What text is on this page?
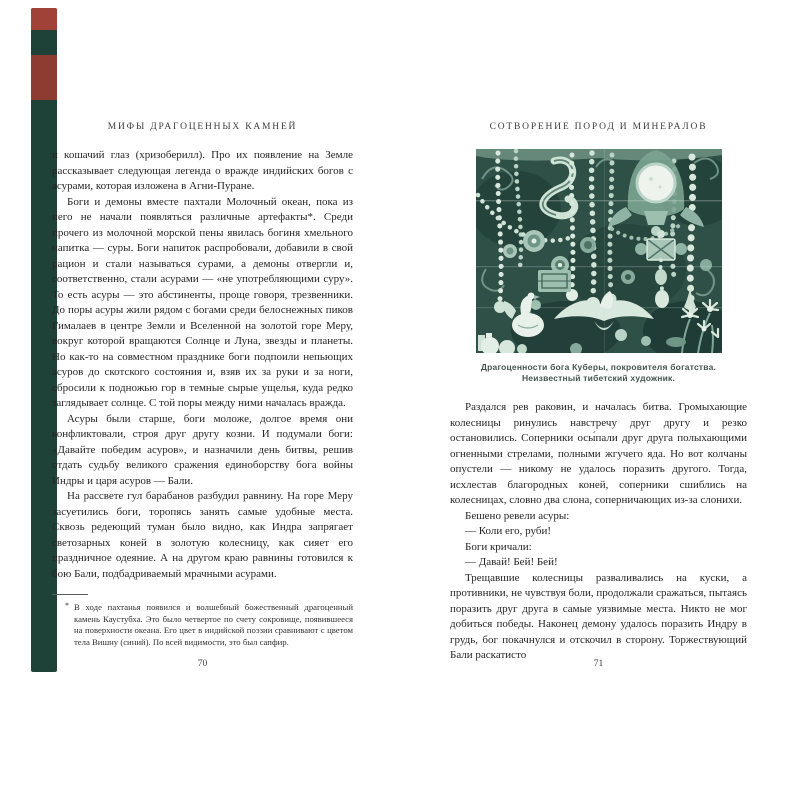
МИФЫ ДРАГОЦЕННЫХ КАМНЕЙ

и кошачий глаз (хризоберилл). Про их появление на Земле рассказывает следующая легенда о вражде индийских богов с асурами, которая изложена в Агни-Пуране.

Боги и демоны вместе пахтали Молочный океан, пока из него не начали появляться различные артефакты*. Среди прочего из молочной морской пены явилась богиня хмельного напитка — суры. Боги напиток распробовали, добавили в свой рацион и стали называться сурами, а демоны отвергли и, соответственно, стали асурами — «не употребляющими суру». То есть асуры — это абстиненты, проще говоря, трезвенники. До поры асуры жили рядом с богами среди белоснежных пиков Гималаев в центре Земли и Вселенной на золотой горе Меру, вокруг которой вращаются Солнце и Луна, звезды и планеты. Но как-то на совместном празднике боги подпоили непьющих асуров до скотского состояния и, взяв их за руки и за ноги, сбросили к подножью гор в темные сырые ущелья, куда редко заглядывает солнце. С той поры между ними началась вражда.

Асуры были старше, боги моложе, долгое время они конфликтовали, строя друг другу козни. И подумали боги: «Давайте победим асуров», и назначили день битвы, решив отдать судьбу великого сражения единоборству бога войны Индры и царя асуров — Бали.

На рассвете гул барабанов разбудил равнину. На горе Меру засуетились боги, торопясь занять самые удобные места. Сквозь редеющий туман было видно, как Индра запрягает светозарных коней в золотую колесницу, как сияет его праздничное одеяние. А на другом краю равнины готовился к бою Бали, подбадриваемый мрачными асурами.

* В ходе пахтанья появился и волшебный божественный драгоценный камень Каустубха. Это было четвертое по счету сокровище, появившееся на поверхности океана. Его цвет в индийской поэзии сравнивают с цветом тела Вишну (синий). По всей видимости, это был сапфир.
70
СОТВОРЕНИЕ ПОРОД И МИНЕРАЛОВ
Драгоценности бога Куберы, покровителя богатства.
Неизвестный тибетский художник.

Раздался рев раковин, и началась битва. Громыхающие колесницы ринулись навстречу друг другу и резко остановились. Соперники осы́пали друг друга полыхающими огненными стрелами, полными жгучего яда. Но вот колчаны опустели — никому не удалось поразить другого. Тогда, исхлестав благородных коней, соперники сшиблись на колесницах, словно два слона, соперничающих из-за слонихи.

Бешено ревели асуры:

— Коли его, руби!

Боги кричали:

— Давай! Бей! Бей!

Трещавшие колесницы разваливались на куски, а противники, не чувствуя боли, продолжали сражаться, пытаясь поразить друг друга в самые уязвимые места. Никто не мог добиться победы. Наконец демону удалось поразить Индру в грудь, бог покачнулся и отскочил в сторону. Торжествующий Бали раскатисто

71
